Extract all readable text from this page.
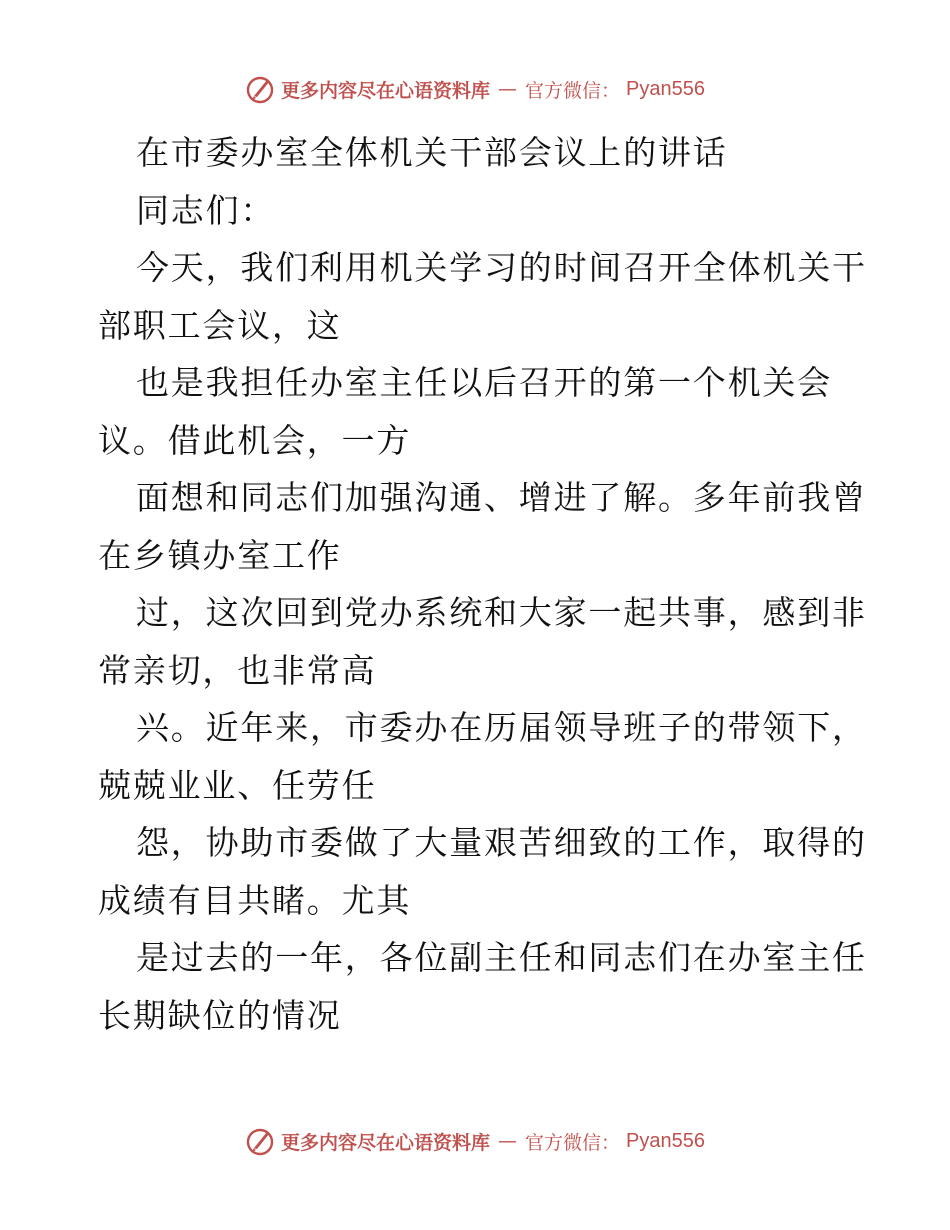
更多内容尽在心语资料库 — 官方微信： Pyan556
在市委办室全体机关干部会议上的讲话
同志们：
今天，我们利用机关学习的时间召开全体机关干
部职工会议，这
也是我担任办室主任以后召开的第一个机关会
议。借此机会，一方
面想和同志们加强沟通、增进了解。多年前我曾
在乡镇办室工作
过，这次回到党办系统和大家一起共事，感到非
常亲切，也非常高
兴。近年来，市委办在历届领导班子的带领下，
兢兢业业、任劳任
怨，协助市委做了大量艰苦细致的工作，取得的
成绩有目共睹。尤其
是过去的一年，各位副主任和同志们在办室主任
长期缺位的情况
更多内容尽在心语资料库 — 官方微信： Pyan556
